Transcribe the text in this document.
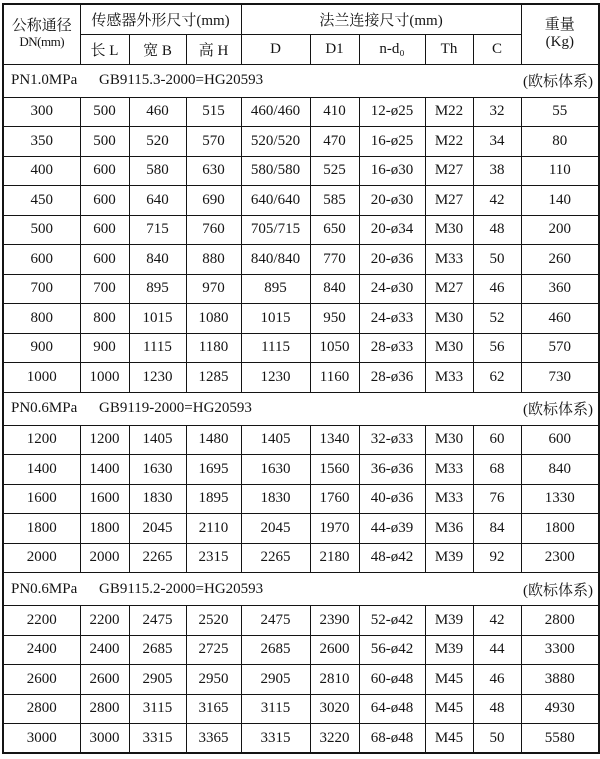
公称通径
DN(mm)
	传感器外形尺寸(mm)	法兰连接尺寸(mm)	重量
(Kg)

	长 L	宽 B	高 H	D	D1	n-d₀	Th	C	

PN1.0MPa GB9115.3-2000=HG20593 (欧标体系)									

300	500	460	515	460/460	410	12-ø25	M22	32	55
350	500	520	570	520/520	470	16-ø25	M22	34	80
400	600	580	630	580/580	525	16-ø30	M27	38	110
450	600	640	690	640/640	585	20-ø30	M27	42	140
500	600	715	760	705/715	650	20-ø34	M30	48	200
600	600	840	880	840/840	770	20-ø36	M33	50	260
700	700	895	970	895	840	24-ø30	M27	46	360
800	800	1015	1080	1015	950	24-ø33	M30	52	460
900	900	1115	1180	1115	1050	28-ø33	M30	56	570
1000	1000	1230	1285	1230	1160	28-ø36	M33	62	730

PN0.6MPa GB9119-2000=HG20593 (欧标体系)									

1200	1200	1405	1480	1405	1340	32-ø33	M30	60	600
1400	1400	1630	1695	1630	1560	36-ø36	M33	68	840
1600	1600	1830	1895	1830	1760	40-ø36	M33	76	1330
1800	1800	2045	2110	2045	1970	44-ø39	M36	84	1800
2000	2000	2265	2315	2265	2180	48-ø42	M39	92	2300

PN0.6MPa GB9115.2-2000=HG20593 (欧标体系)									

2200	2200	2475	2520	2475	2390	52-ø42	M39	42	2800
2400	2400	2685	2725	2685	2600	56-ø42	M39	44	3300
2600	2600	2905	2950	2905	2810	60-ø48	M45	46	3880
2800	2800	3115	3165	3115	3020	64-ø48	M45	48	4930
3000	3000	3315	3365	3315	3220	68-ø48	M45	50	5580
